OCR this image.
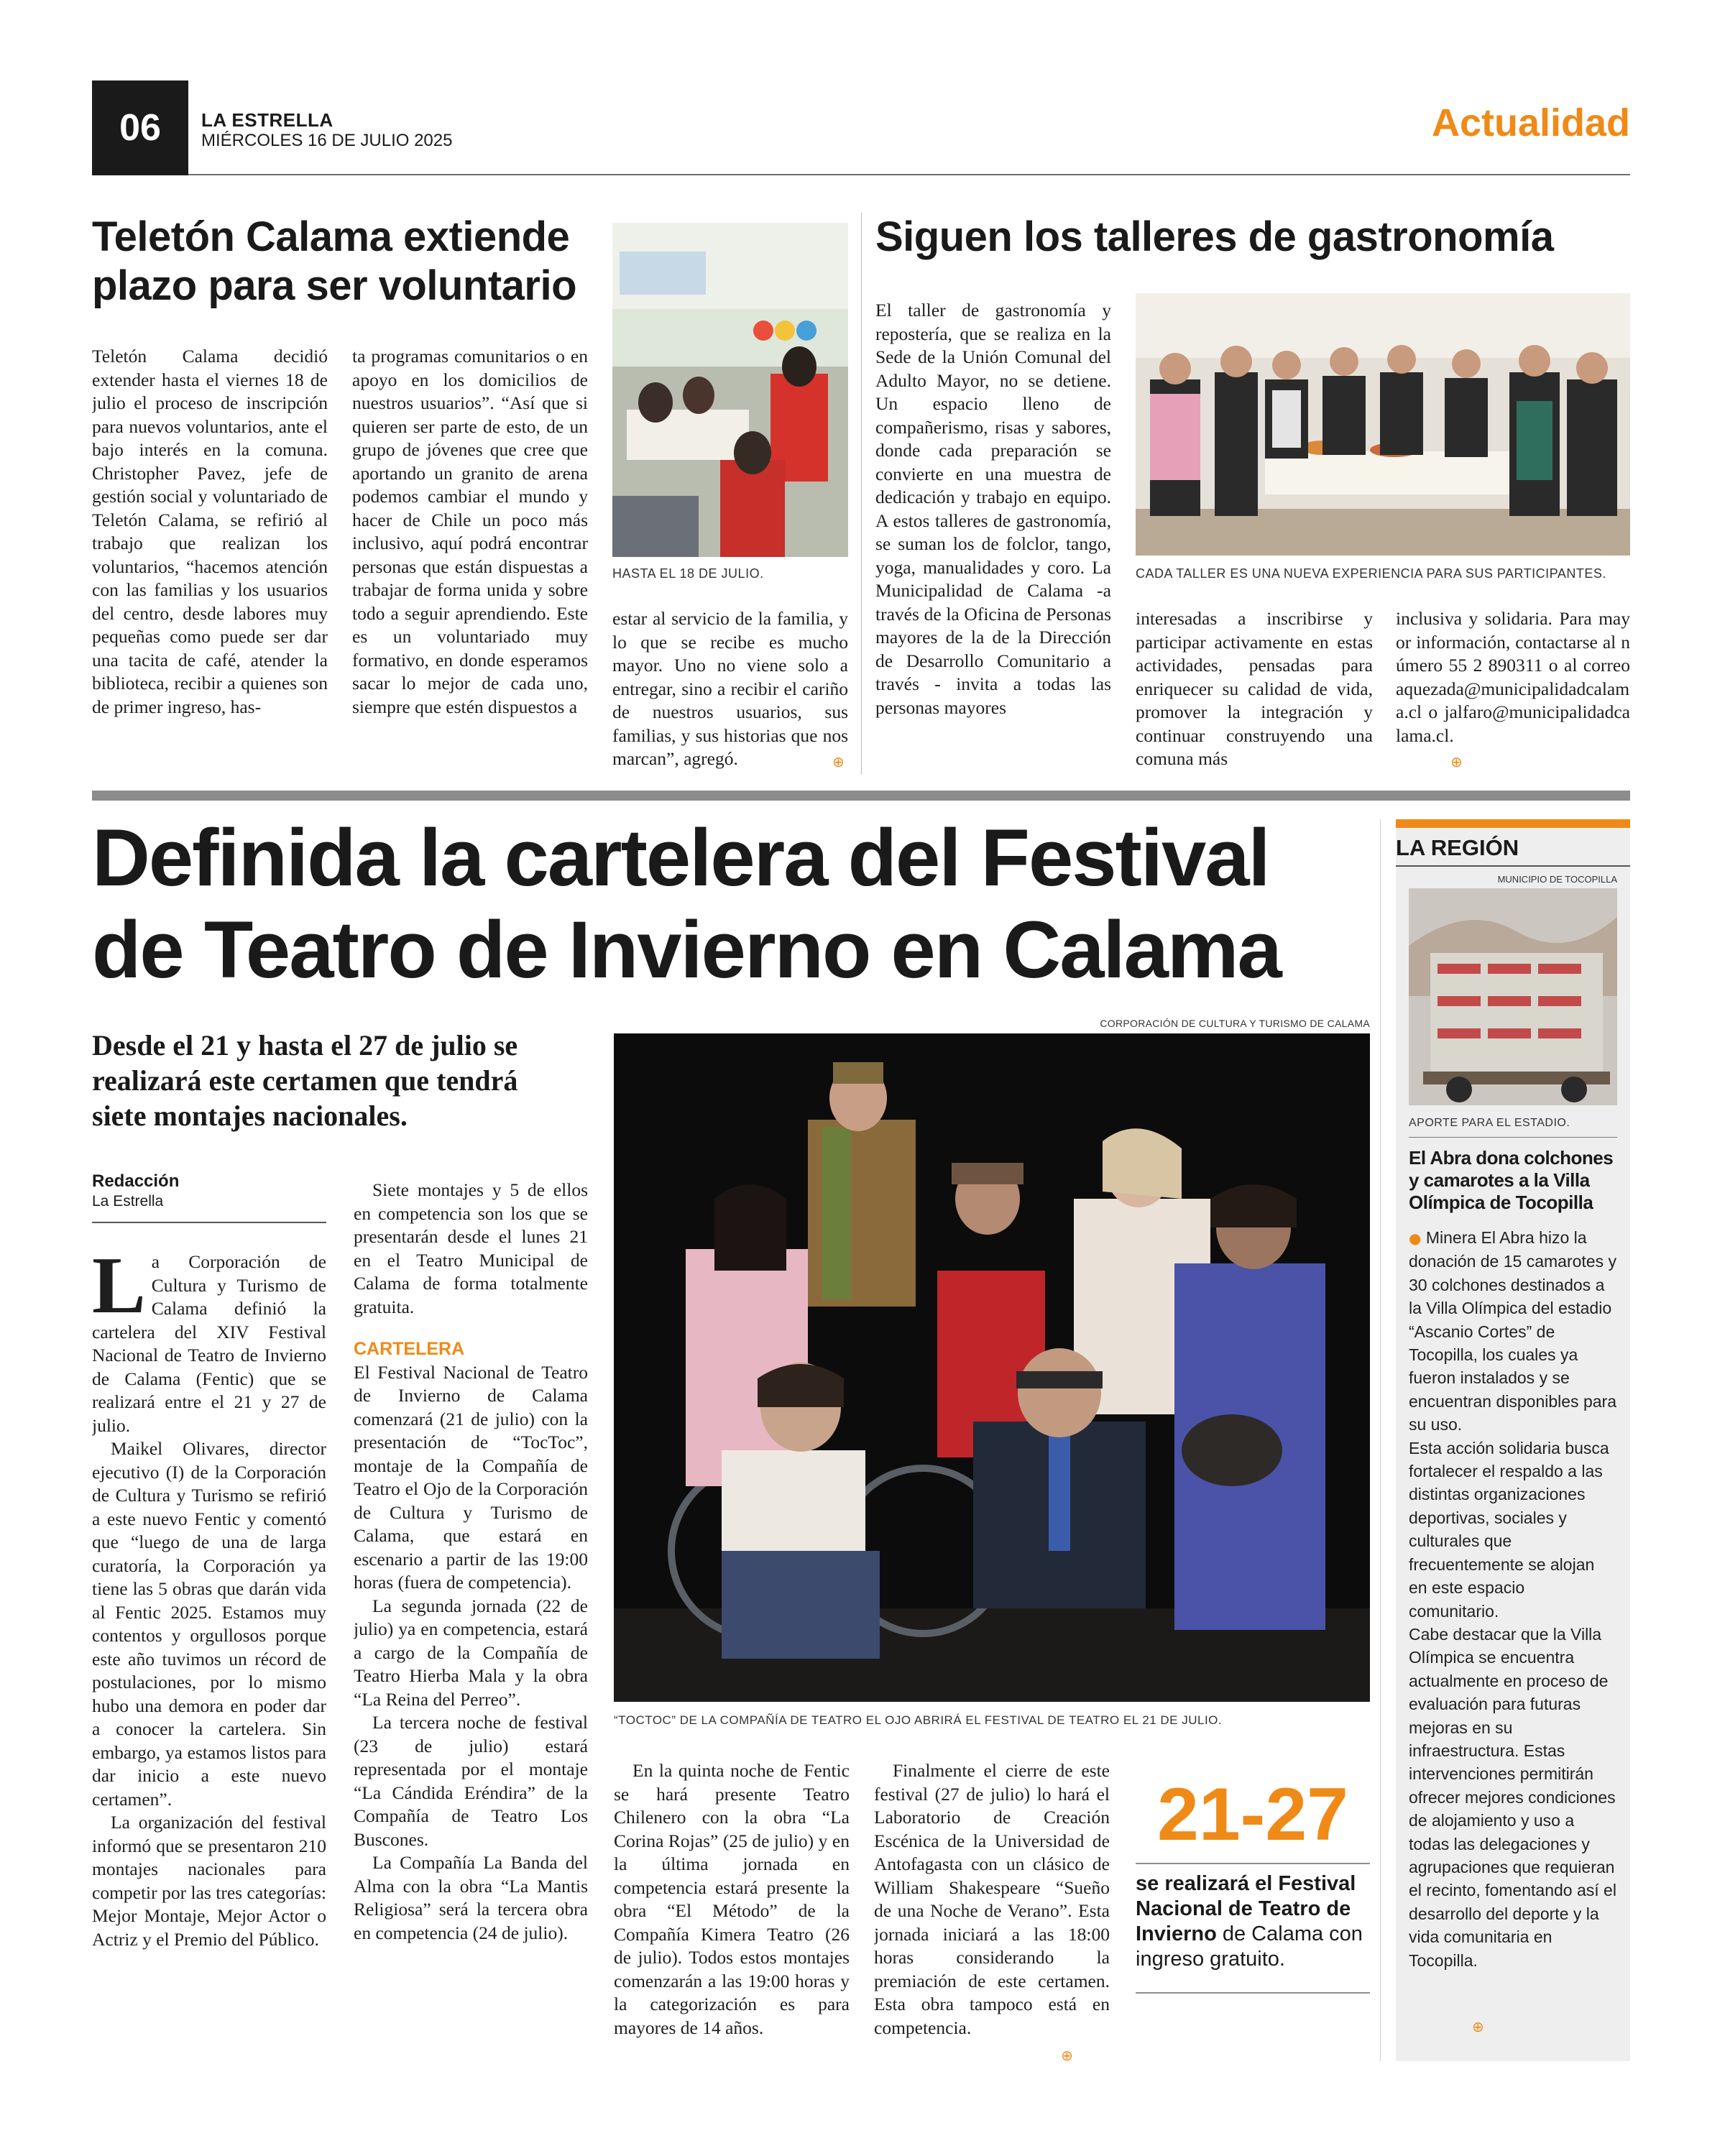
06	LA ESTRELLA
MIÉRCOLES 16 DE JULIO 2025	Actualidad
Teletón Calama extiende
plazo para ser voluntario
Teletón Calama decidió extender hasta el viernes 18 de julio el proceso de inscripción para nuevos voluntarios, ante el bajo interés en la comuna. Christopher Pavez, jefe de gestión social y voluntariado de Teletón Calama, se refirió al trabajo que realizan los voluntarios, “hacemos atención con las familias y los usuarios del centro, desde labores muy pequeñas como puede ser dar una tacita de café, atender la biblioteca, recibir a quienes son de primer ingreso, has-
ta programas comunitarios o en apoyo en los domicilios de nuestros usuarios”. “Así que si quieren ser parte de esto, de un grupo de jóvenes que cree que aportando un granito de arena podemos cambiar el mundo y hacer de Chile un poco más inclusivo, aquí podrá encontrar personas que están dispuestas a trabajar de forma unida y sobre todo a seguir aprendiendo. Este es un voluntariado muy formativo, en donde esperamos sacar lo mejor de cada uno, siempre que estén dispuestos a
HASTA EL 18 DE JULIO.
estar al servicio de la familia, y lo que se recibe es mucho mayor. Uno no viene solo a entregar, sino a recibir el cariño de nuestros usuarios, sus familias, y sus historias que nos marcan”, agregó.	⊕
Siguen los talleres de gastronomía
El taller de gastronomía y repostería, que se realiza en la Sede de la Unión Comunal del Adulto Mayor, no se detiene. Un espacio lleno de compañerismo, risas y sabores, donde cada preparación se convierte en una muestra de dedicación y trabajo en equipo. A estos talleres de gastronomía, se suman los de folclor, tango, yoga, manualidades y coro. La Municipalidad de Calama -a través de la Oficina de Personas mayores de la de la Dirección de Desarrollo Comunitario a través - invita a todas las personas mayores
CADA TALLER ES UNA NUEVA EXPERIENCIA PARA SUS PARTICIPANTES.
interesadas a inscribirse y participar activamente en estas actividades, pensadas para enriquecer su calidad de vida, promover la integración y continuar construyendo una comuna más
inclusiva y solidaria. Para mayor información, contactarse al número 55 2 890311 o al correo aquezada@municipalidadcalama.cl o jalfaro@municipalidadcalama.cl.
⊕
Definida la cartelera del Festival
de Teatro de Invierno en Calama
Desde el 21 y hasta el 27 de julio se
realizará este certamen que tendrá
siete montajes nacionales.
Redacción
La Estrella

La Corporación de Cultura y Turismo de Calama definió la cartelera del XIV Festival Nacional de Teatro de Invierno de Calama (Fentic) que se realizará entre el 21 y 27 de julio.

Maikel Olivares, director ejecutivo (I) de la Corporación de Cultura y Turismo se refirió a este nuevo Fentic y comentó que “luego de una de larga curatoría, la Corporación ya tiene las 5 obras que darán vida al Fentic 2025. Estamos muy contentos y orgullosos porque este año tuvimos un récord de postulaciones, por lo mismo hubo una demora en poder dar a conocer la cartelera. Sin embargo, ya estamos listos para dar inicio a este nuevo certamen”.

La organización del festival informó que se presentaron 210 montajes nacionales para competir por las tres categorías: Mejor Montaje, Mejor Actor o Actriz y el Premio del Público.

Siete montajes y 5 de ellos en competencia son los que se presentarán desde el lunes 21 en el Teatro Municipal de Calama de forma totalmente gratuita.

CARTELERA

El Festival Nacional de Teatro de Invierno de Calama comenzará (21 de julio) con la presentación de “TocToc”, montaje de la Compañía de Teatro el Ojo de la Corporación de Cultura y Turismo de Calama, que estará en escenario a partir de las 19:00 horas (fuera de competencia).

La segunda jornada (22 de julio) ya en competencia, estará a cargo de la Compañía de Teatro Hierba Mala y la obra “La Reina del Perreo”.

La tercera noche de festival (23 de julio) estará representada por el montaje “La Cándida Eréndira” de la Compañía de Teatro Los Buscones.

La Compañía La Banda del Alma con la obra “La Mantis Religiosa” será la tercera obra en competencia (24 de julio).

CORPORACIÓN DE CULTURA Y TURISMO DE CALAMA
“TOCTOC” DE LA COMPAÑÍA DE TEATRO EL OJO ABRIRÁ EL FESTIVAL DE TEATRO EL 21 DE JULIO.

En la quinta noche de Fentic se hará presente Teatro Chilenero con la obra “La Corina Rojas” (25 de julio) y en la última jornada en competencia estará presente la obra “El Método” de la Compañía Kimera Teatro (26 de julio). Todos estos montajes comenzarán a las 19:00 horas y la categorización es para mayores de 14 años.

Finalmente el cierre de este festival (27 de julio) lo hará el Laboratorio de Creación Escénica de la Universidad de Antofagasta con un clásico de William Shakespeare “Sueño de una Noche de Verano”. Esta jornada iniciará a las 18:00 horas considerando la premiación de este certamen. Esta obra tampoco está en competencia.

⊕
21-27
se realizará el Festival Nacional de Teatro de Invierno de Calama con ingreso gratuito.
LA REGIÓN
MUNICIPIO DE TOCOPILLA
APORTE PARA EL ESTADIO.
El Abra dona colchones y camarotes a la Villa Olímpica de Tocopilla

● Minera El Abra hizo la donación de 15 camarotes y 30 colchones destinados a la Villa Olímpica del estadio “Ascanio Cortes” de Tocopilla, los cuales ya fueron instalados y se encuentran disponibles para su uso.

Esta acción solidaria busca fortalecer el respaldo a las distintas organizaciones deportivas, sociales y culturales que frecuentemente se alojan en este espacio comunitario.

Cabe destacar que la Villa Olímpica se encuentra actualmente en proceso de evaluación para futuras mejoras en su infraestructura. Estas intervenciones permitirán ofrecer mejores condiciones de alojamiento y uso a todas las delegaciones y agrupaciones que requieran el recinto, fomentando así el desarrollo del deporte y la vida comunitaria en Tocopilla.

⊕
